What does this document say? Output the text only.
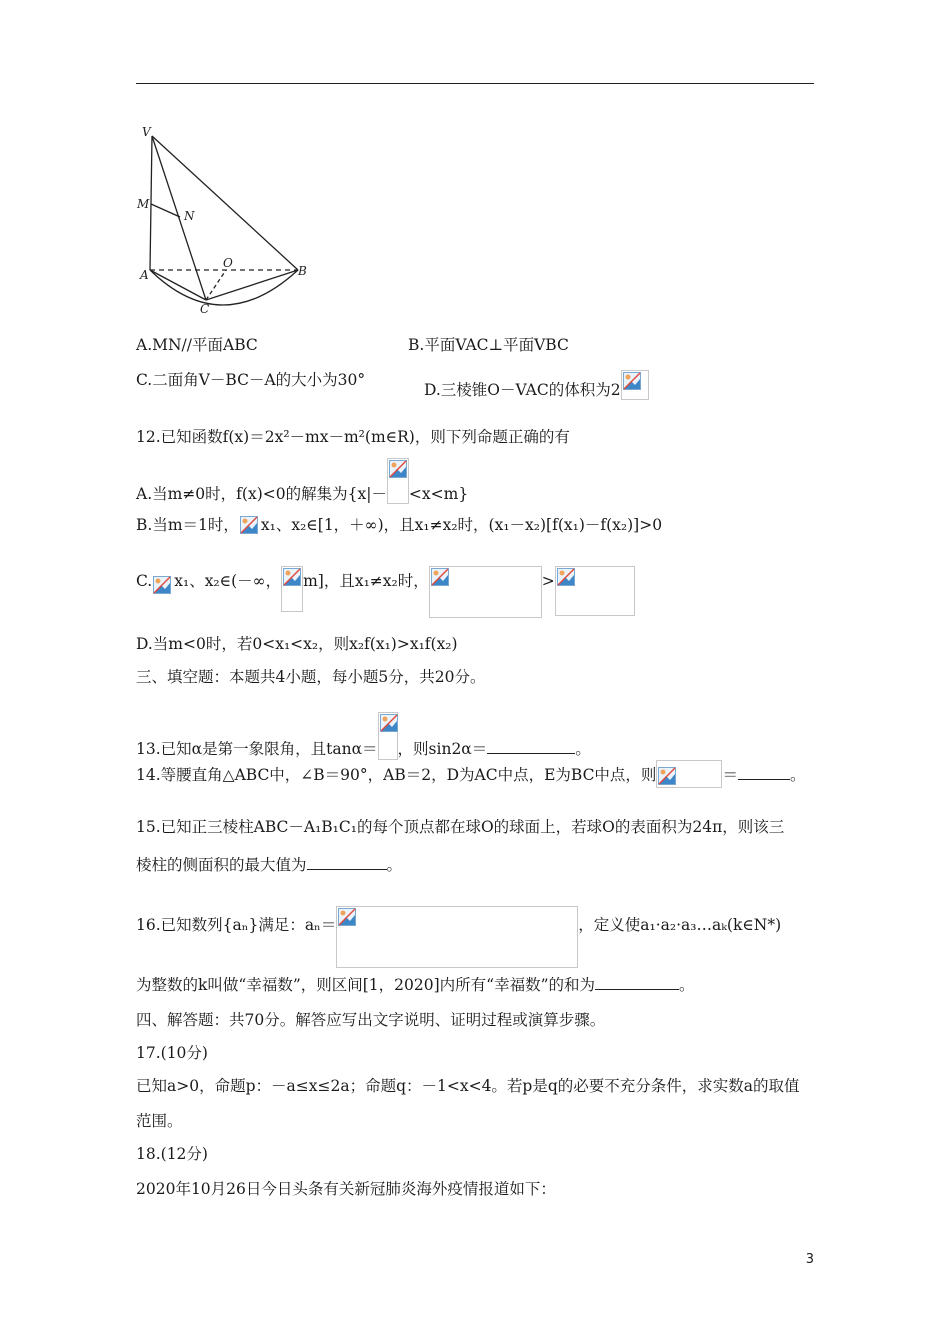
V
M
N
O
A	B
C
A.MN//平面ABC	B.平面VAC⊥平面VBC
C.二面角V－BC－A的大小为30°
D.三棱锥O－VAC的体积为2
12.已知函数f(x)＝2x²－mx－m²(m∈R)，则下列命题正确的有
A.当m≠0时，f(x)<0的解集为{x|－ <x<m}
B.当m＝1时， x₁、x₂∈[1，＋∞)，且x₁≠x₂时，(x₁－x₂)[f(x₁)－f(x₂)]>0
C. x₁、x₂∈(－∞， m]，且x₁≠x₂时，	>
D.当m<0时，若0<x₁<x₂，则x₂f(x₁)>x₁f(x₂)
三、填空题：本题共4小题，每小题5分，共20分。
13.已知α是第一象限角，且tanα＝ ，则sin2α＝	。
14.等腰直角△ABC中，∠B＝90°，AB＝2，D为AC中点，E为BC中点，则	＝	。
15.已知正三棱柱ABC－A₁B₁C₁的每个顶点都在球O的球面上，若球O的表面积为24π，则该三
棱柱的侧面积的最大值为	。
16.已知数列{aₙ}满足：aₙ＝	，定义使a₁·a₂·a₃…aₖ(k∈N*)
为整数的k叫做“幸福数”，则区间[1，2020]内所有“幸福数”的和为	。
四、解答题：共70分。解答应写出文字说明、证明过程或演算步骤。
17.(10分)
已知a>0，命题p：－a≤x≤2a；命题q：－1<x<4。若p是q的必要不充分条件，求实数a的取值
范围。
18.(12分)
2020年10月26日今日头条有关新冠肺炎海外疫情报道如下：
3
